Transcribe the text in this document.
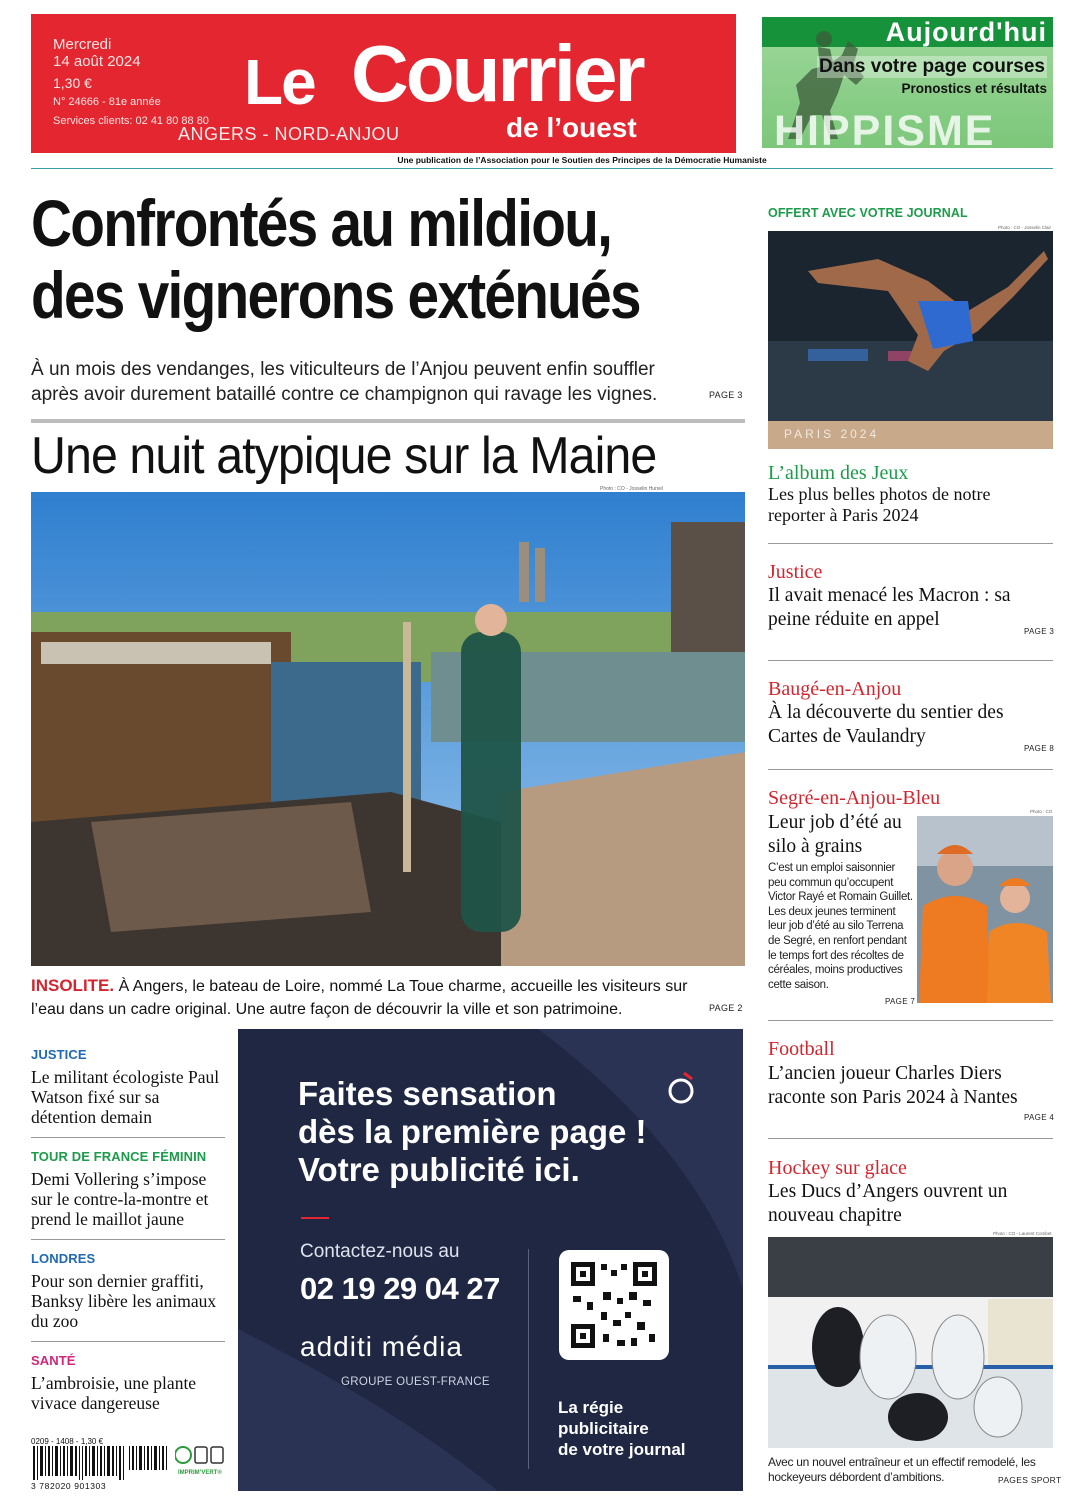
Mercredi
14 août 2024
1,30 €
N° 24666 - 81e année
Services clients: 02 41 80 88 80
Le Courrier
de l’ouest
ANGERS - NORD-ANJOU
Une publication de l’Association pour le Soutien des Principes de la Démocratie Humaniste
Aujourd'hui
Dans votre page courses
Pronostics et résultats
HIPPISME
Confrontés au mildiou,
des vignerons exténués
À un mois des vendanges, les viticulteurs de l’Anjou peuvent enfin souffler après avoir durement bataillé contre ce champignon qui ravage les vignes.	PAGE 3
Une nuit atypique sur la Maine
Photo : CO - Josselin Hursel
INSOLITE. À Angers, le bateau de Loire, nommé La Toue charme, accueille les visiteurs sur l’eau dans un cadre original. Une autre façon de découvrir la ville et son patrimoine.	PAGE 2
JUSTICE
Le militant écologiste Paul Watson fixé sur sa détention demain
TOUR DE FRANCE FÉMININ
Demi Vollering s’impose sur le contre-la-montre et prend le maillot jaune
LONDRES
Pour son dernier graffiti, Banksy libère les animaux du zoo
SANTÉ
L’ambroisie, une plante vivace dangereuse
0209 - 1408 - 1,30 €
3 782020 901303
IMPRIM’VERT®
Faites sensation
dès la première page !
Votre publicité ici.
Contactez-nous au
02 19 29 04 27
additi média
GROUPE OUEST-FRANCE
La régie
publicitaire
de votre journal
OFFERT AVEC VOTRE JOURNAL
Photo : CO - Josselin Clair
PARIS 2024
L’album des Jeux
Les plus belles photos de notre reporter à Paris 2024
Justice
Il avait menacé les Macron : sa peine réduite en appel
PAGE 3
Baugé-en-Anjou
À la découverte du sentier des Cartes de Vaulandry
PAGE 8
Segré-en-Anjou-Bleu
Photo : CO
Leur job d’été au silo à grains
C’est un emploi saisonnier peu commun qu’occupent Victor Rayé et Romain Guillet. Les deux jeunes terminent leur job d’été au silo Terrena de Segré, en renfort pendant le temps fort des récoltes de céréales, moins productives cette saison.
PAGE 7
Football
L’ancien joueur Charles Diers raconte son Paris 2024 à Nantes
PAGE 4
Hockey sur glace
Les Ducs d’Angers ouvrent un nouveau chapitre
Photo : CO - Laurent Combet
Avec un nouvel entraîneur et un effectif remodelé, les hockeyeurs débordent d’ambitions.	PAGES SPORT
